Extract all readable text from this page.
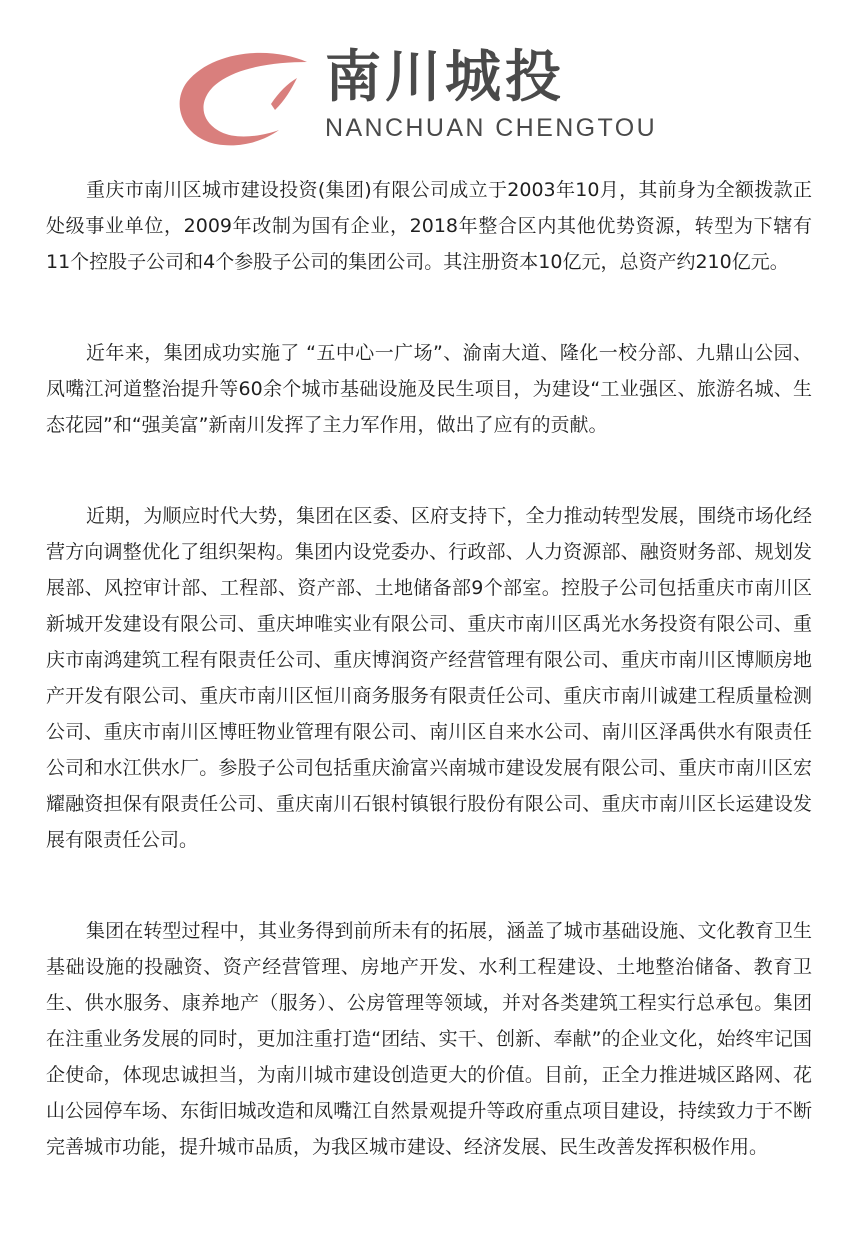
南川城投
NANCHUAN CHENGTOU

重庆市南川区城市建设投资(集团)有限公司成立于2003年10月，其前身为全额拨款正处级事业单位，2009年改制为国有企业，2018年整合区内其他优势资源，转型为下辖有11个控股子公司和4个参股子公司的集团公司。其注册资本10亿元，总资产约210亿元。

近年来，集团成功实施了 “五中心一广场”、渝南大道、隆化一校分部、九鼎山公园、凤嘴江河道整治提升等60余个城市基础设施及民生项目，为建设“工业强区、旅游名城、生态花园”和“强美富”新南川发挥了主力军作用，做出了应有的贡献。

近期，为顺应时代大势，集团在区委、区府支持下，全力推动转型发展，围绕市场化经营方向调整优化了组织架构。集团内设党委办、行政部、人力资源部、融资财务部、规划发展部、风控审计部、工程部、资产部、土地储备部9个部室。控股子公司包括重庆市南川区新城开发建设有限公司、重庆坤唯实业有限公司、重庆市南川区禹光水务投资有限公司、重庆市南鸿建筑工程有限责任公司、重庆博润资产经营管理有限公司、重庆市南川区博顺房地产开发有限公司、重庆市南川区恒川商务服务有限责任公司、重庆市南川诚建工程质量检测公司、重庆市南川区博旺物业管理有限公司、南川区自来水公司、南川区泽禹供水有限责任公司和水江供水厂。参股子公司包括重庆渝富兴南城市建设发展有限公司、重庆市南川区宏耀融资担保有限责任公司、重庆南川石银村镇银行股份有限公司、重庆市南川区长运建设发展有限责任公司。

集团在转型过程中，其业务得到前所未有的拓展，涵盖了城市基础设施、文化教育卫生基础设施的投融资、资产经营管理、房地产开发、水利工程建设、土地整治储备、教育卫生、供水服务、康养地产（服务）、公房管理等领域，并对各类建筑工程实行总承包。集团在注重业务发展的同时，更加注重打造“团结、实干、创新、奉献”的企业文化，始终牢记国企使命，体现忠诚担当，为南川城市建设创造更大的价值。目前，正全力推进城区路网、花山公园停车场、东街旧城改造和凤嘴江自然景观提升等政府重点项目建设，持续致力于不断完善城市功能，提升城市品质，为我区城市建设、经济发展、民生改善发挥积极作用。
